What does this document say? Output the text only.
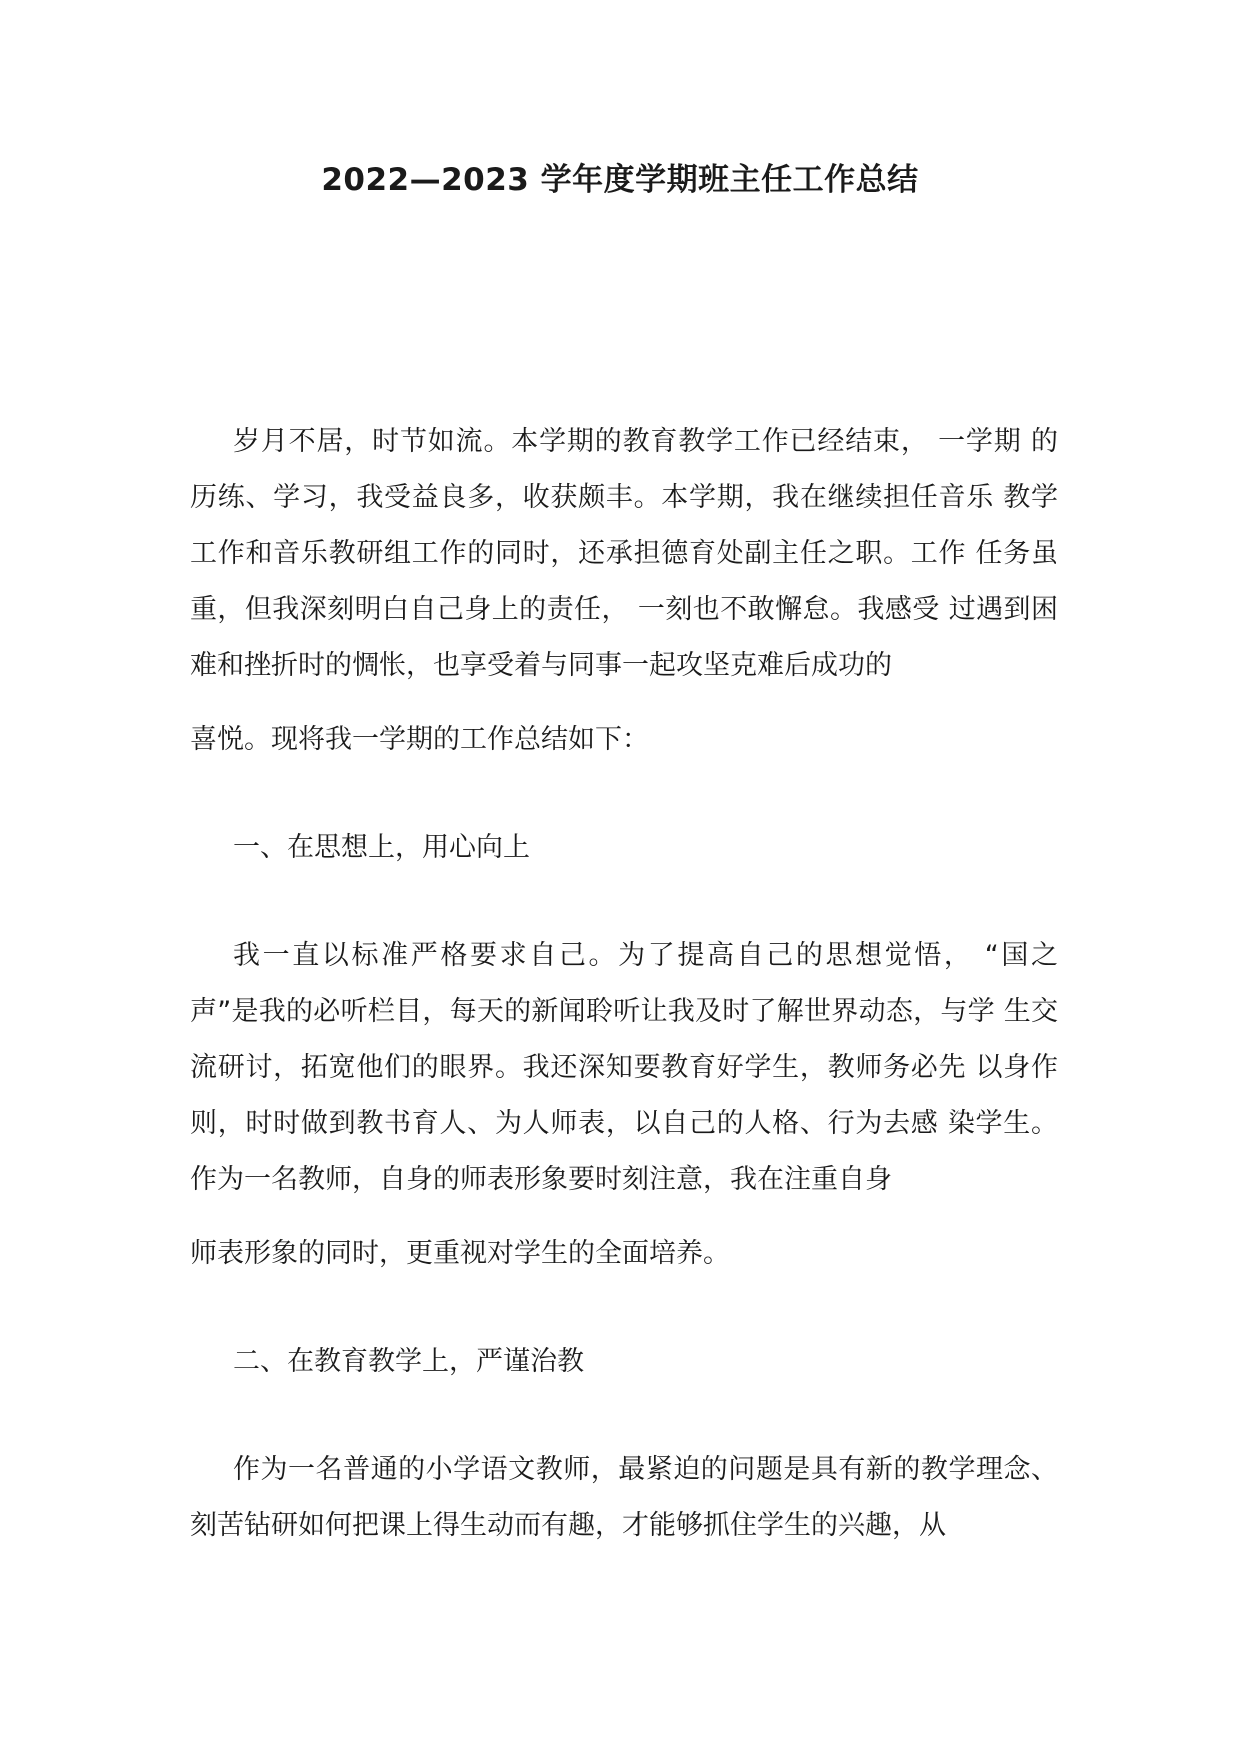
2022—2023 学年度学期班主任工作总结

岁月不居，时节如流。本学期的教育教学工作已经结束， 一学期 的历练、学习，我受益良多，收获颇丰。本学期，我在继续担任音乐 教学工作和音乐教研组工作的同时，还承担德育处副主任之职。工作 任务虽重，但我深刻明白自己身上的责任， 一刻也不敢懈怠。我感受 过遇到困难和挫折时的惆怅，也享受着与同事一起攻坚克难后成功的

喜悦。现将我一学期的工作总结如下：

一、在思想上，用心向上

我一直以标准严格要求自己。为了提高自己的思想觉悟， “国之 声”是我的必听栏目，每天的新闻聆听让我及时了解世界动态，与学 生交流研讨，拓宽他们的眼界。我还深知要教育好学生，教师务必先 以身作则，时时做到教书育人、为人师表，以自己的人格、行为去感 染学生。作为一名教师，自身的师表形象要时刻注意，我在注重自身

师表形象的同时，更重视对学生的全面培养。

二、在教育教学上，严谨治教

作为一名普通的小学语文教师，最紧迫的问题是具有新的教学理念、刻苦钻研如何把课上得生动而有趣，才能够抓住学生的兴趣，从
